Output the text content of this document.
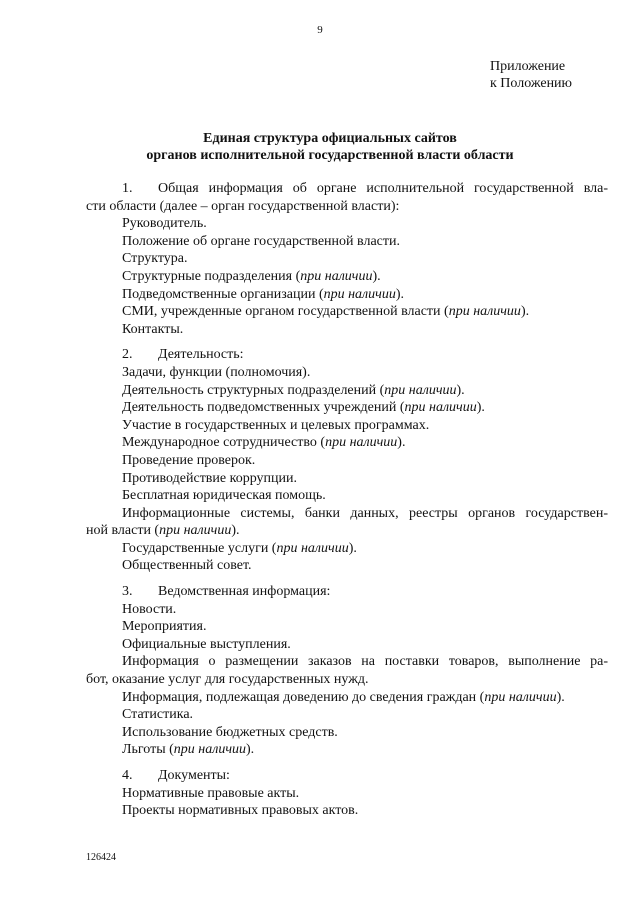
9
Приложение
к Положению
Единая структура официальных сайтов
органов исполнительной государственной власти области
1. Общая информация об органе исполнительной государственной вла-
сти области (далее – орган государственной власти):
Руководитель.
Положение об органе государственной власти.
Структура.
Структурные подразделения (при наличии).
Подведомственные организации (при наличии).
СМИ, учрежденные органом государственной власти (при наличии).
Контакты.
2. Деятельность:
Задачи, функции (полномочия).
Деятельность структурных подразделений (при наличии).
Деятельность подведомственных учреждений (при наличии).
Участие в государственных и целевых программах.
Международное сотрудничество (при наличии).
Проведение проверок.
Противодействие коррупции.
Бесплатная юридическая помощь.
Информационные системы, банки данных, реестры органов государствен-
ной власти (при наличии).
Государственные услуги (при наличии).
Общественный совет.
3. Ведомственная информация:
Новости.
Мероприятия.
Официальные выступления.
Информация о размещении заказов на поставки товаров, выполнение ра-
бот, оказание услуг для государственных нужд.
Информация, подлежащая доведению до сведения граждан (при наличии).
Статистика.
Использование бюджетных средств.
Льготы (при наличии).
4. Документы:
Нормативные правовые акты.
Проекты нормативных правовых актов.
126424
